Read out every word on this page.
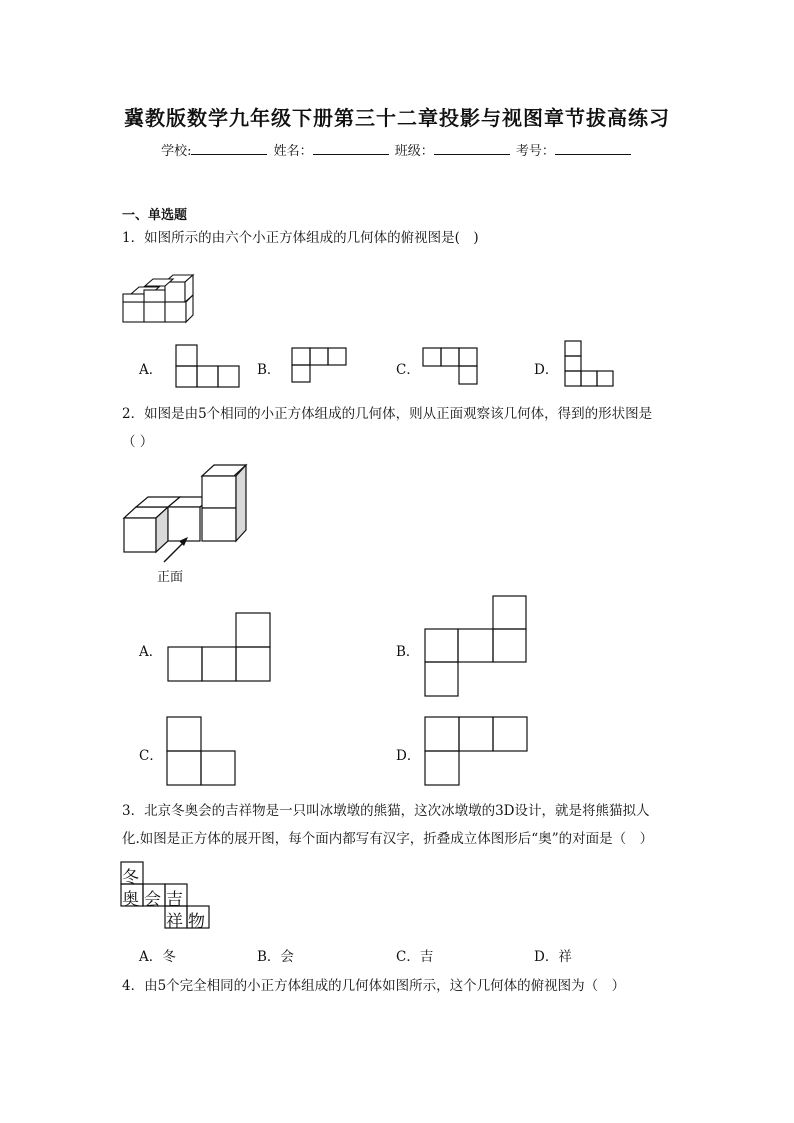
冀教版数学九年级下册第三十二章投影与视图章节拔高练习
学校:	姓名：	班级：	考号：
一、单选题
1．如图所示的由六个小正方体组成的几何体的俯视图是(　)
A．	B．	C．	D．
2．如图是由5个相同的小正方体组成的几何体，则从正面观察该几何体，得到的形状图是
（ ）
正面
A．	B．
C．	D．
3．北京冬奥会的吉祥物是一只叫冰墩墩的熊猫，这次冰墩墩的3D设计，就是将熊猫拟人
化.如图是正方体的展开图，每个面内都写有汉字，折叠成立体图形后“奥”的对面是（　）
冬
奥 会 吉
祥 物
A．冬	B．会	C．吉	D．祥
4．由5个完全相同的小正方体组成的几何体如图所示，这个几何体的俯视图为（　）
